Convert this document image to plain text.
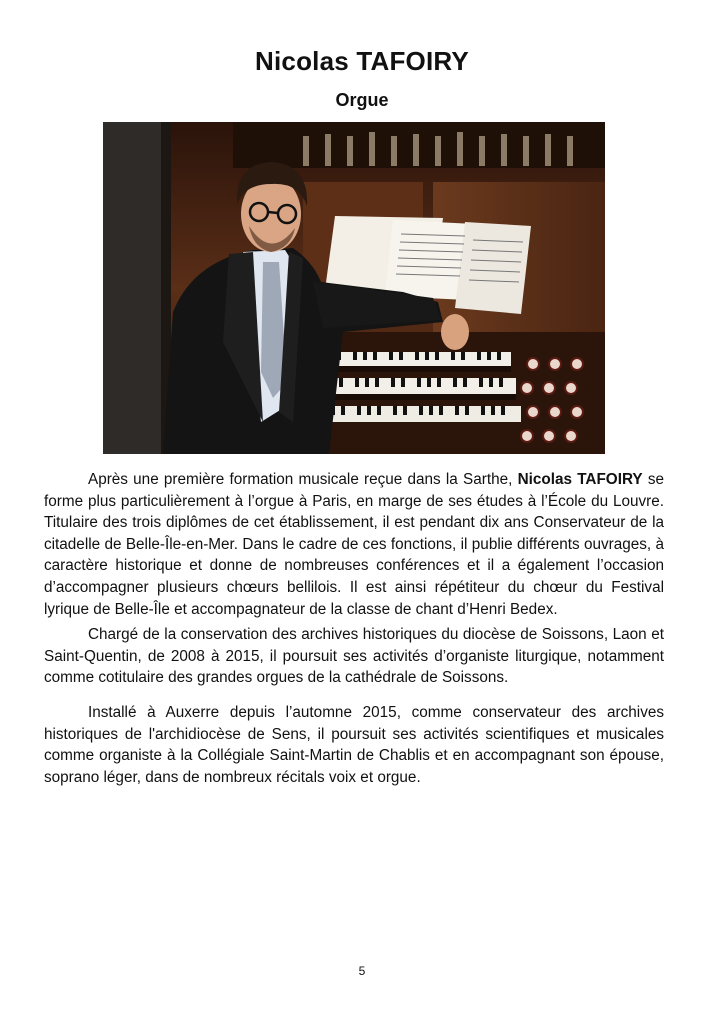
Nicolas TAFOIRY
Orgue

Après une première formation musicale reçue dans la Sarthe, Nicolas TAFOIRY se forme plus particulièrement à l’orgue à Paris, en marge de ses études à l’École du Louvre. Titulaire des trois diplômes de cet établissement, il est pendant dix ans Conservateur de la citadelle de Belle-Île-en-Mer. Dans le cadre de ces fonctions, il publie différents ouvrages, à caractère historique et donne de nombreuses conférences et il a également l’occasion d’accompagner plusieurs chœurs bellilois. Il est ainsi répétiteur du chœur du Festival lyrique de Belle-Île et accompagnateur de la classe de chant d’Henri Bedex.

Chargé de la conservation des archives historiques du diocèse de Soissons, Laon et Saint-Quentin, de 2008 à 2015, il poursuit ses activités d’organiste liturgique, notamment comme cotitulaire des grandes orgues de la cathédrale de Soissons.

Installé à Auxerre depuis l’automne 2015, comme conservateur des archives historiques de l'archidiocèse de Sens, il poursuit ses activités scientifiques et musicales comme organiste à la Collégiale Saint-Martin de Chablis et en accompagnant son épouse, soprano léger, dans de nombreux récitals voix et orgue.

5
